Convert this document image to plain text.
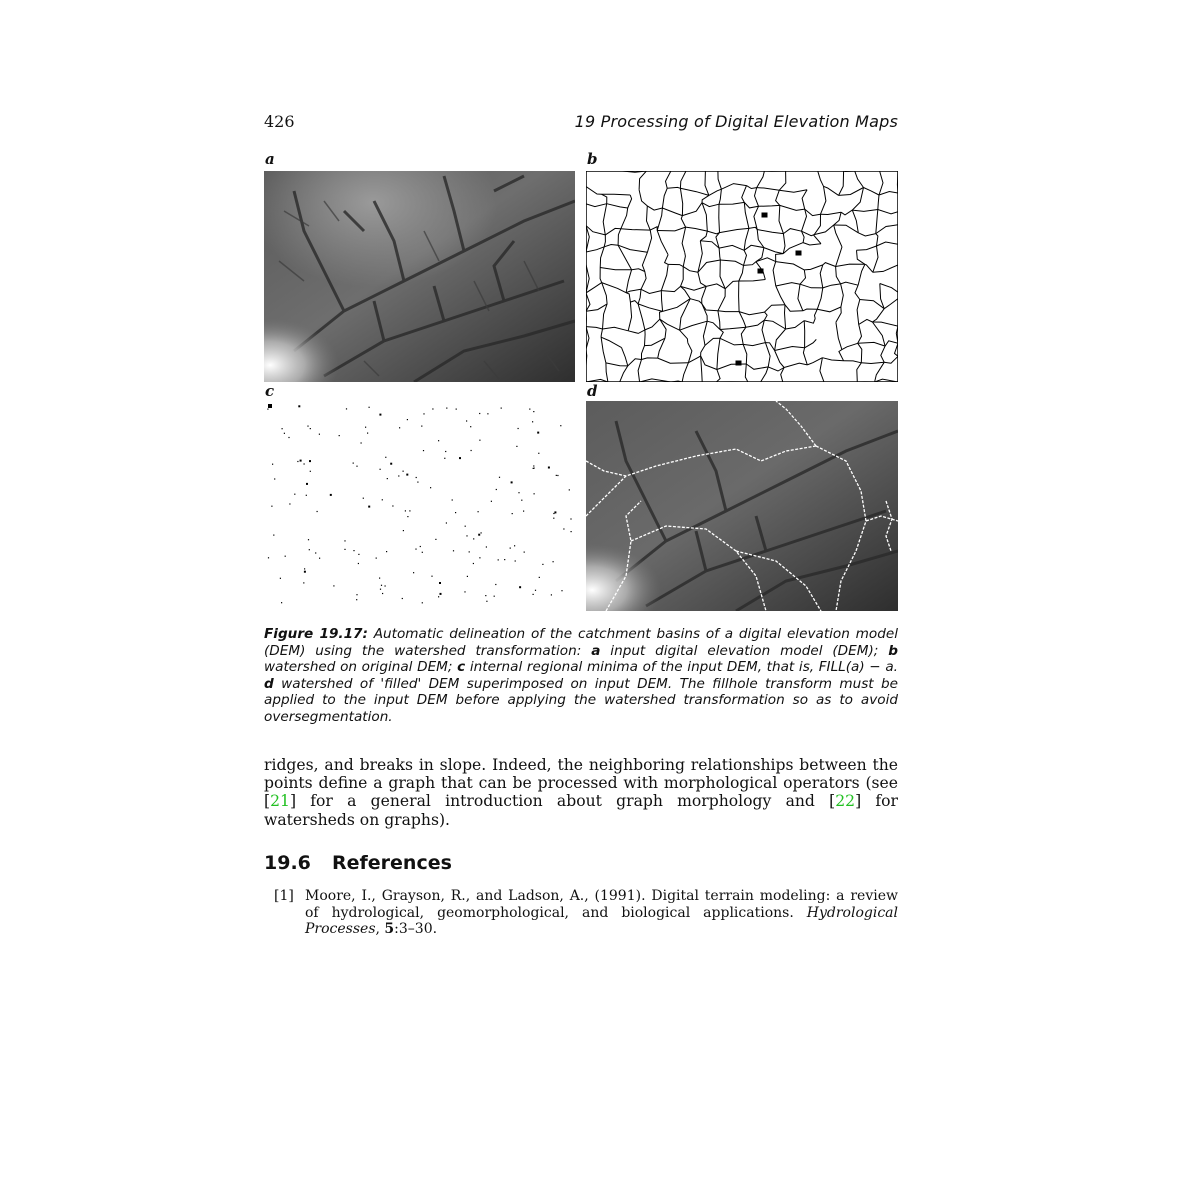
426	19 Processing of Digital Elevation Maps
a	b
c	d
Figure 19.17: Automatic delineation of the catchment basins of a digital elevation model (DEM) using the watershed transformation: a input digital elevation model (DEM); b watershed on original DEM; c internal regional minima of the input DEM, that is, FILL(a) − a. d watershed of 'filled' DEM superimposed on input DEM. The fillhole transform must be applied to the input DEM before applying the watershed transformation so as to avoid oversegmentation.
ridges, and breaks in slope. Indeed, the neighboring relationships between the points define a graph that can be processed with morphological operators (see [21] for a general introduction about graph morphology and [22] for watersheds on graphs).
19.6 References
[1] Moore, I., Grayson, R., and Ladson, A., (1991). Digital terrain modeling: a review of hydrological, geomorphological, and biological applications. Hydrological Processes, 5:3–30.
